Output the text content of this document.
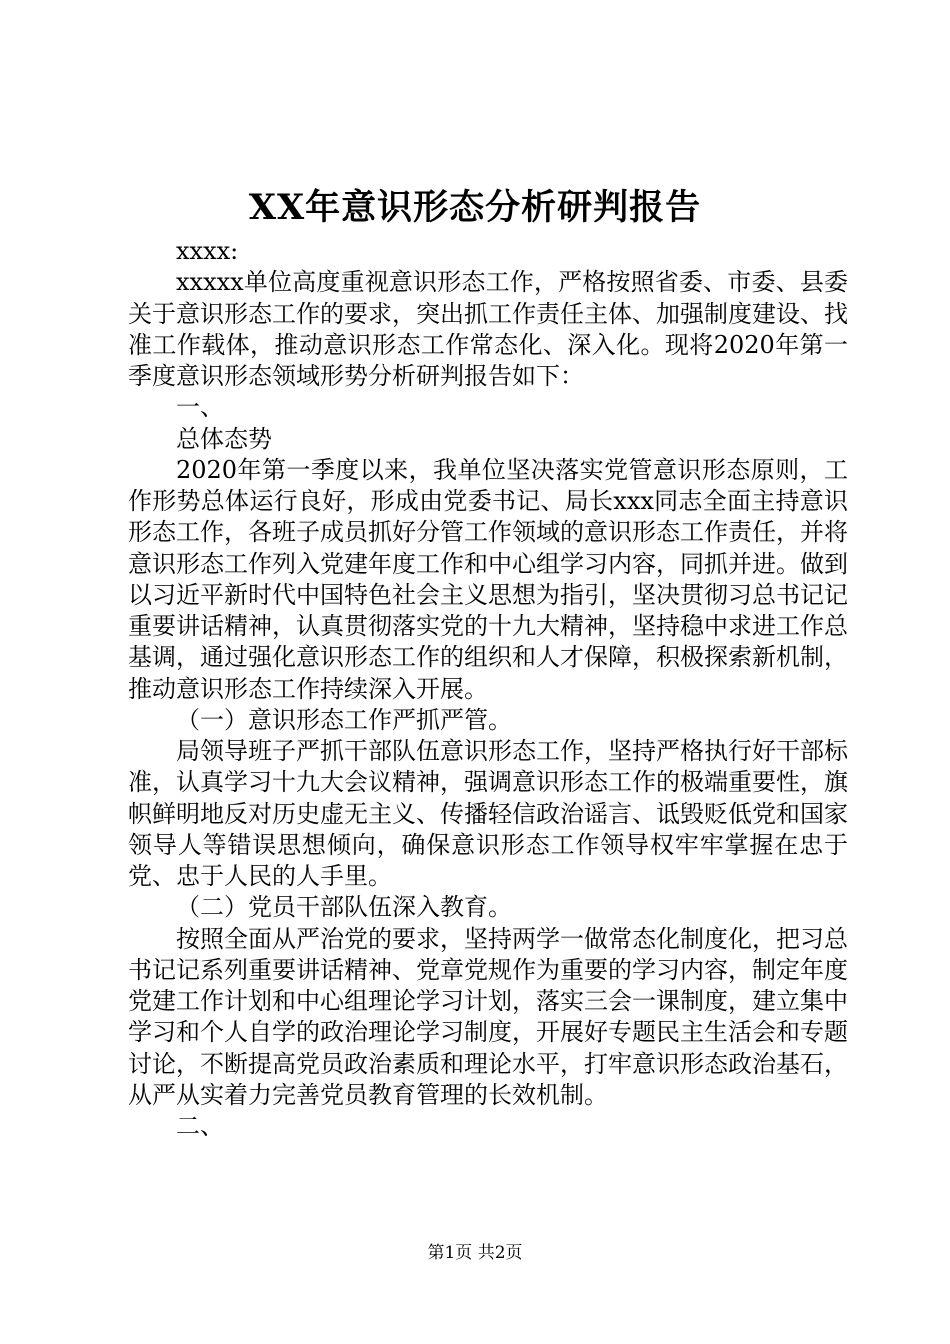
XX年意识形态分析研判报告

xxxx:

xxxxx单位高度重视意识形态工作，严格按照省委、市委、县委关于意识形态工作的要求，突出抓工作责任主体、加强制度建设、找准工作载体，推动意识形态工作常态化、深入化。现将2020年第一季度意识形态领域形势分析研判报告如下：

一、

总体态势

2020年第一季度以来，我单位坚决落实党管意识形态原则，工作形势总体运行良好，形成由党委书记、局长xxx同志全面主持意识形态工作，各班子成员抓好分管工作领域的意识形态工作责任，并将意识形态工作列入党建年度工作和中心组学习内容，同抓并进。做到以习近平新时代中国特色社会主义思想为指引，坚决贯彻习总书记记重要讲话精神，认真贯彻落实党的十九大精神，坚持稳中求进工作总基调，通过强化意识形态工作的组织和人才保障，积极探索新机制，推动意识形态工作持续深入开展。

（一）意识形态工作严抓严管。

局领导班子严抓干部队伍意识形态工作，坚持严格执行好干部标准，认真学习十九大会议精神，强调意识形态工作的极端重要性，旗帜鲜明地反对历史虚无主义、传播轻信政治谣言、诋毁贬低党和国家领导人等错误思想倾向，确保意识形态工作领导权牢牢掌握在忠于党、忠于人民的人手里。

（二）党员干部队伍深入教育。

按照全面从严治党的要求，坚持两学一做常态化制度化，把习总书记记系列重要讲话精神、党章党规作为重要的学习内容，制定年度党建工作计划和中心组理论学习计划，落实三会一课制度，建立集中学习和个人自学的政治理论学习制度，开展好专题民主生活会和专题讨论，不断提高党员政治素质和理论水平，打牢意识形态政治基石，从严从实着力完善党员教育管理的长效机制。

二、

第1页 共2页
